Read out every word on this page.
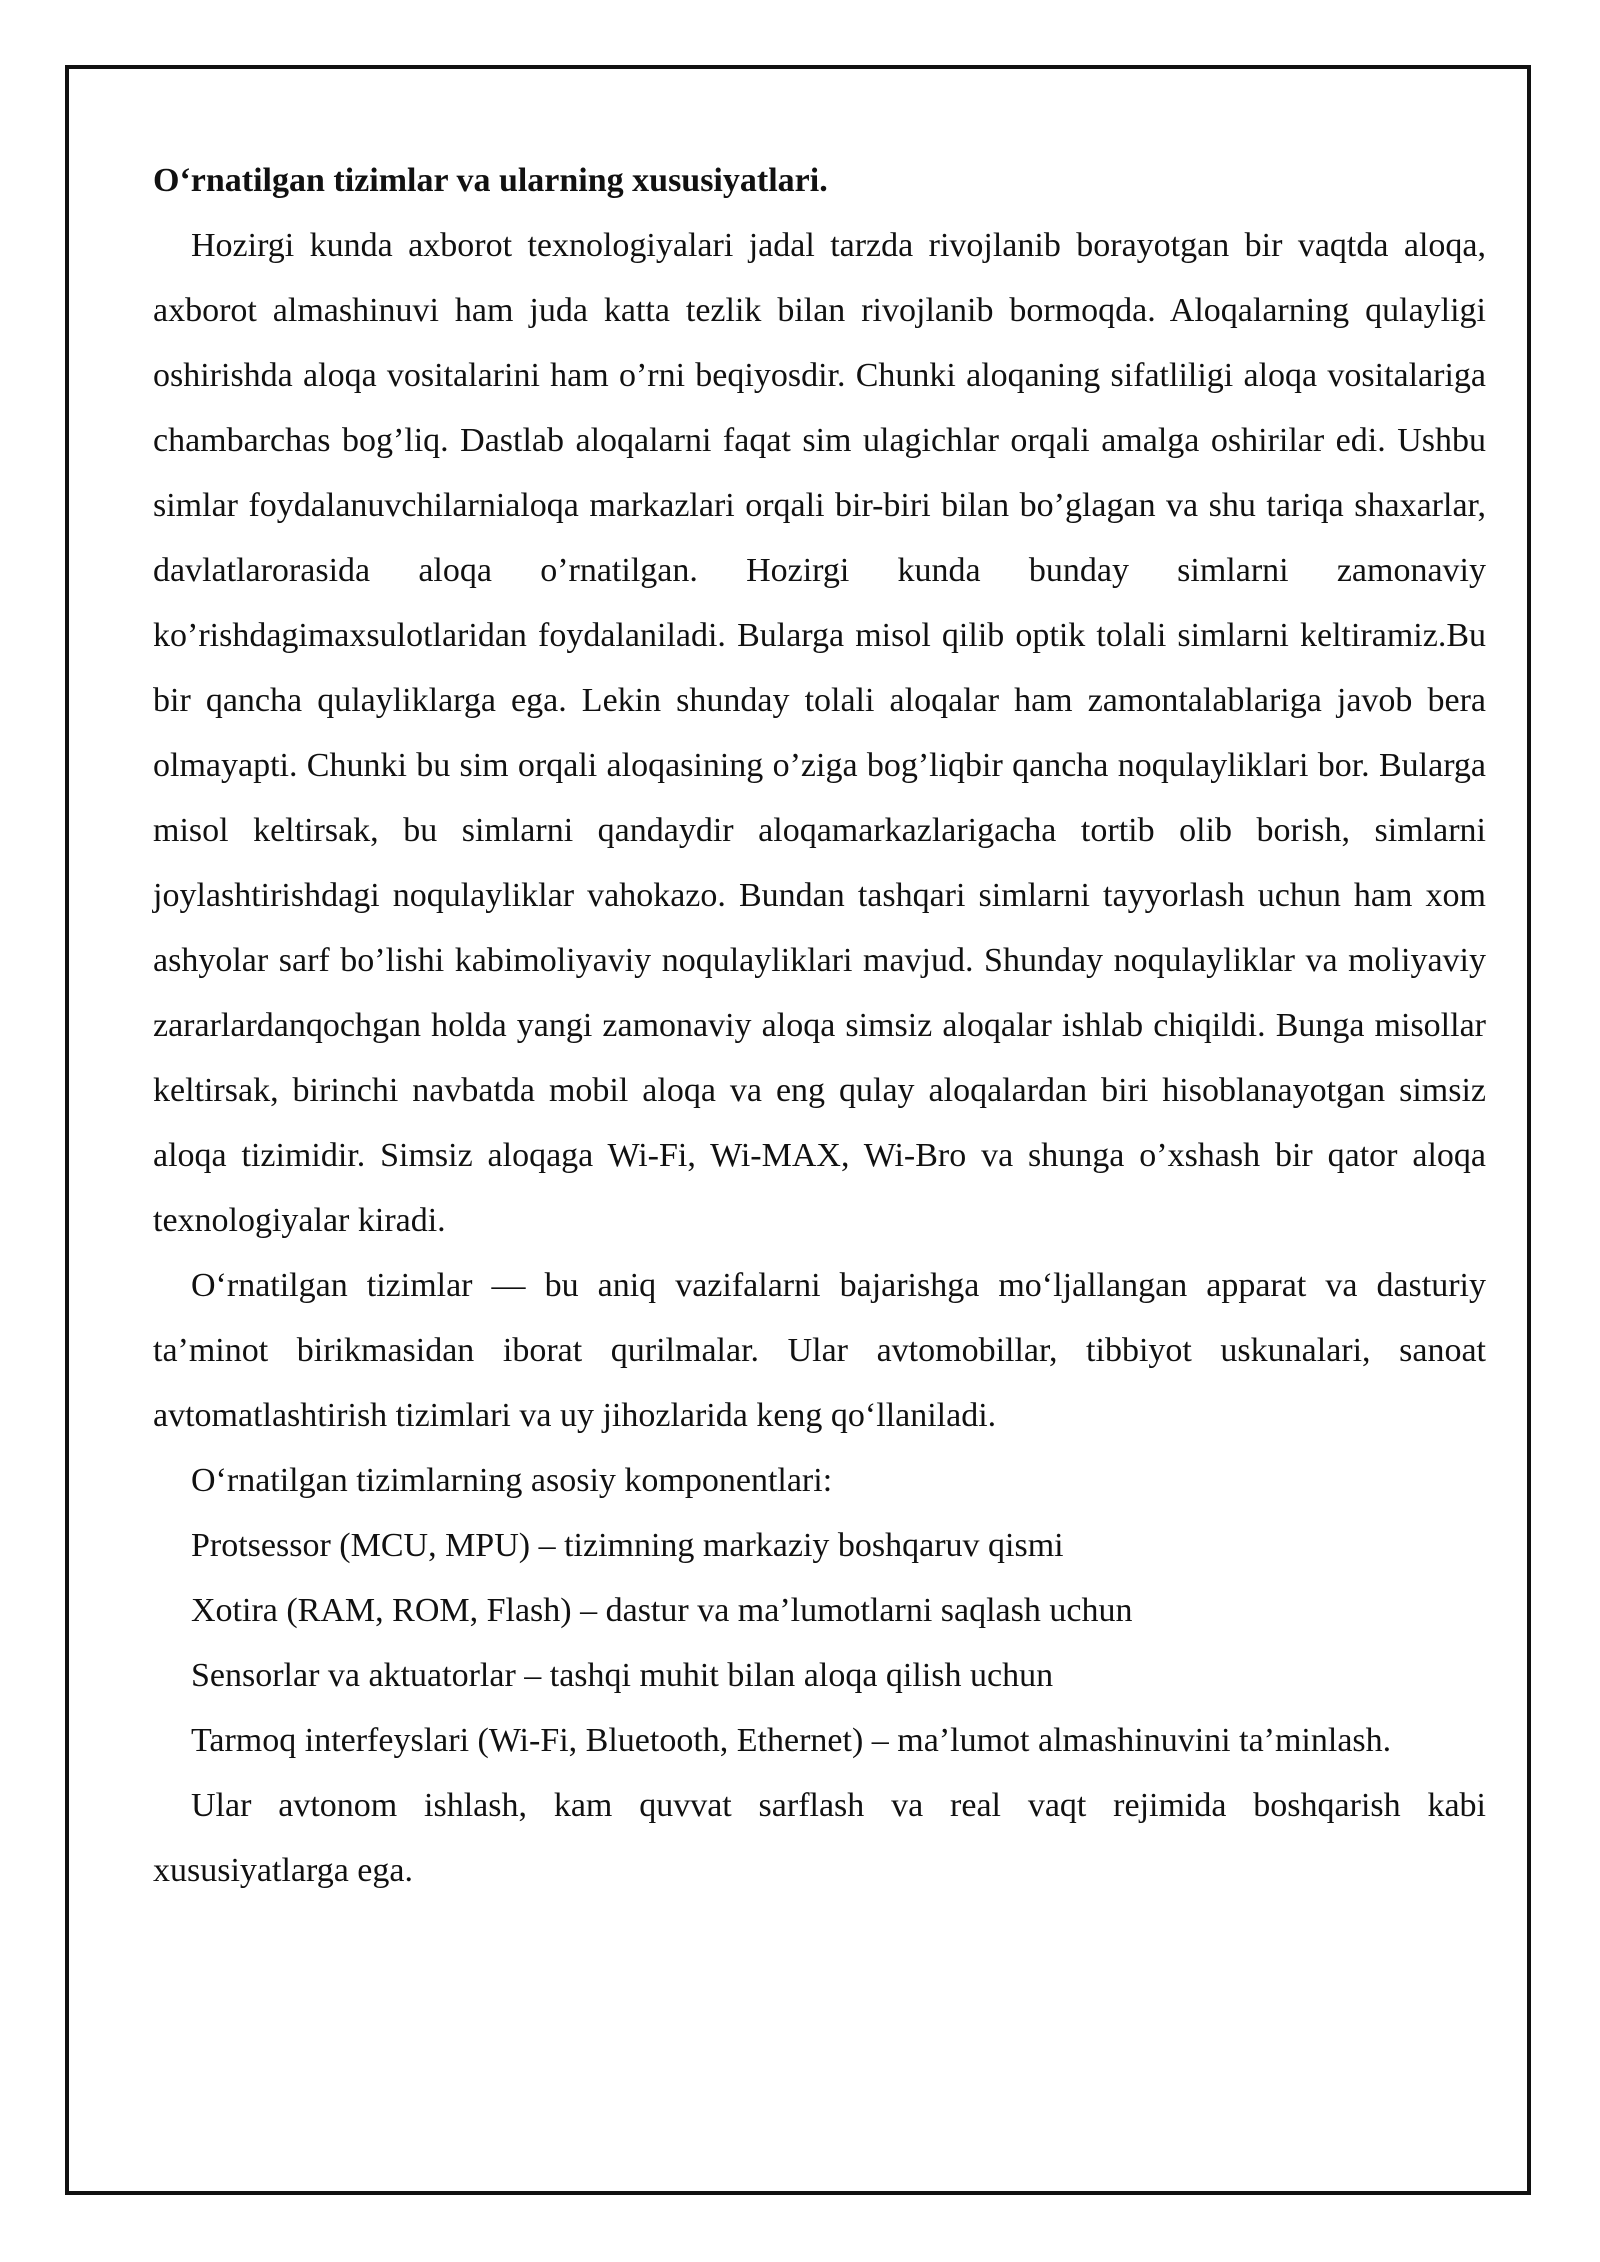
O‘rnatilgan tizimlar va ularning xususiyatlari.

Hozirgi kunda axborot texnologiyalari jadal tarzda rivojlanib borayotgan bir vaqtda aloqa, axborot almashinuvi ham juda katta tezlik bilan rivojlanib bormoqda. Aloqalarning qulayligi oshirishda aloqa vositalarini ham o’rni beqiyosdir. Chunki aloqaning sifatliligi aloqa vositalariga chambarchas bog’liq. Dastlab aloqalarni faqat sim ulagichlar orqali amalga oshirilar edi. Ushbu simlar foydalanuvchilarnialoqa markazlari orqali bir-biri bilan bo’glagan va shu tariqa shaxarlar, davlatlarorasida aloqa o’rnatilgan. Hozirgi kunda bunday simlarni zamonaviy ko’rishdagimaxsulotlaridan foydalaniladi. Bularga misol qilib optik tolali simlarni keltiramiz.Bu bir qancha qulayliklarga ega. Lekin shunday tolali aloqalar ham zamontalablariga javob bera olmayapti. Chunki bu sim orqali aloqasining o’ziga bog’liqbir qancha noqulayliklari bor. Bularga misol keltirsak, bu simlarni qandaydir aloqamarkazlarigacha tortib olib borish, simlarni joylashtirishdagi noqulayliklar vahokazo. Bundan tashqari simlarni tayyorlash uchun ham xom ashyolar sarf bo’lishi kabimoliyaviy noqulayliklari mavjud. Shunday noqulayliklar va moliyaviy zararlardanqochgan holda yangi zamonaviy aloqa simsiz aloqalar ishlab chiqildi. Bunga misollar keltirsak, birinchi navbatda mobil aloqa va eng qulay aloqalardan biri hisoblanayotgan simsiz aloqa tizimidir. Simsiz aloqaga Wi-Fi, Wi-MAX, Wi-Bro va shunga o’xshash bir qator aloqa texnologiyalar kiradi.

O‘rnatilgan tizimlar — bu aniq vazifalarni bajarishga mo‘ljallangan apparat va dasturiy ta’minot birikmasidan iborat qurilmalar. Ular avtomobillar, tibbiyot uskunalari, sanoat avtomatlashtirish tizimlari va uy jihozlarida keng qo‘llaniladi.

O‘rnatilgan tizimlarning asosiy komponentlari:

Protsessor (MCU, MPU) – tizimning markaziy boshqaruv qismi

Xotira (RAM, ROM, Flash) – dastur va ma’lumotlarni saqlash uchun

Sensorlar va aktuatorlar – tashqi muhit bilan aloqa qilish uchun

Tarmoq interfeyslari (Wi-Fi, Bluetooth, Ethernet) – ma’lumot almashinuvini ta’minlash.

Ular avtonom ishlash, kam quvvat sarflash va real vaqt rejimida boshqarish kabi xususiyatlarga ega.
